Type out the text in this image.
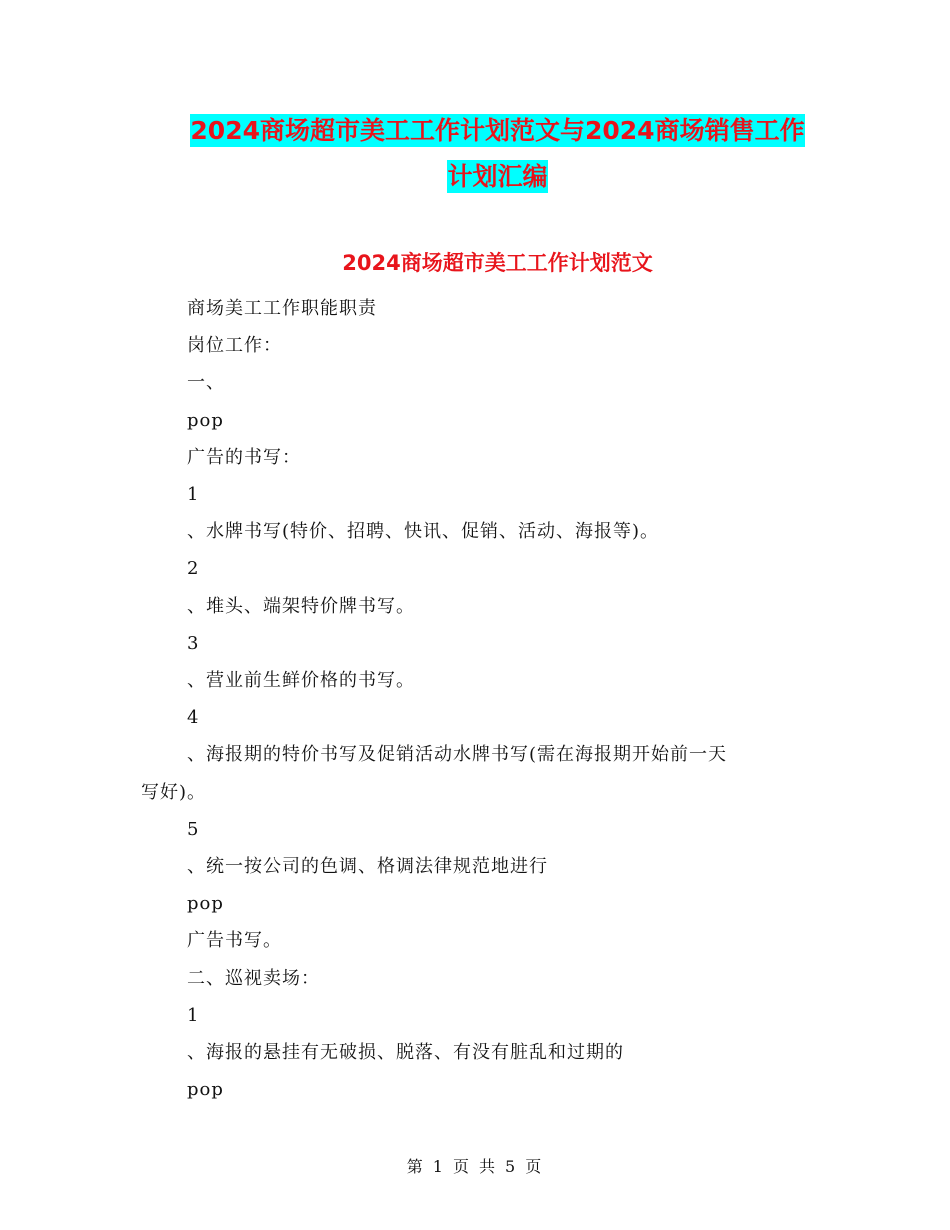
2024商场超市美工工作计划范文与2024商场销售工作
计划汇编
2024商场超市美工工作计划范文

商场美工工作职能职责

岗位工作：

一、

pop

广告的书写：

1

、水牌书写(特价、招聘、快讯、促销、活动、海报等)。

2

、堆头、端架特价牌书写。

3

、营业前生鲜价格的书写。

4

、海报期的特价书写及促销活动水牌书写(需在海报期开始前一天

写好)。

5

、统一按公司的色调、格调法律规范地进行

pop

广告书写。

二、巡视卖场：

1

、海报的悬挂有无破损、脱落、有没有脏乱和过期的

pop

第 1 页 共 5 页
